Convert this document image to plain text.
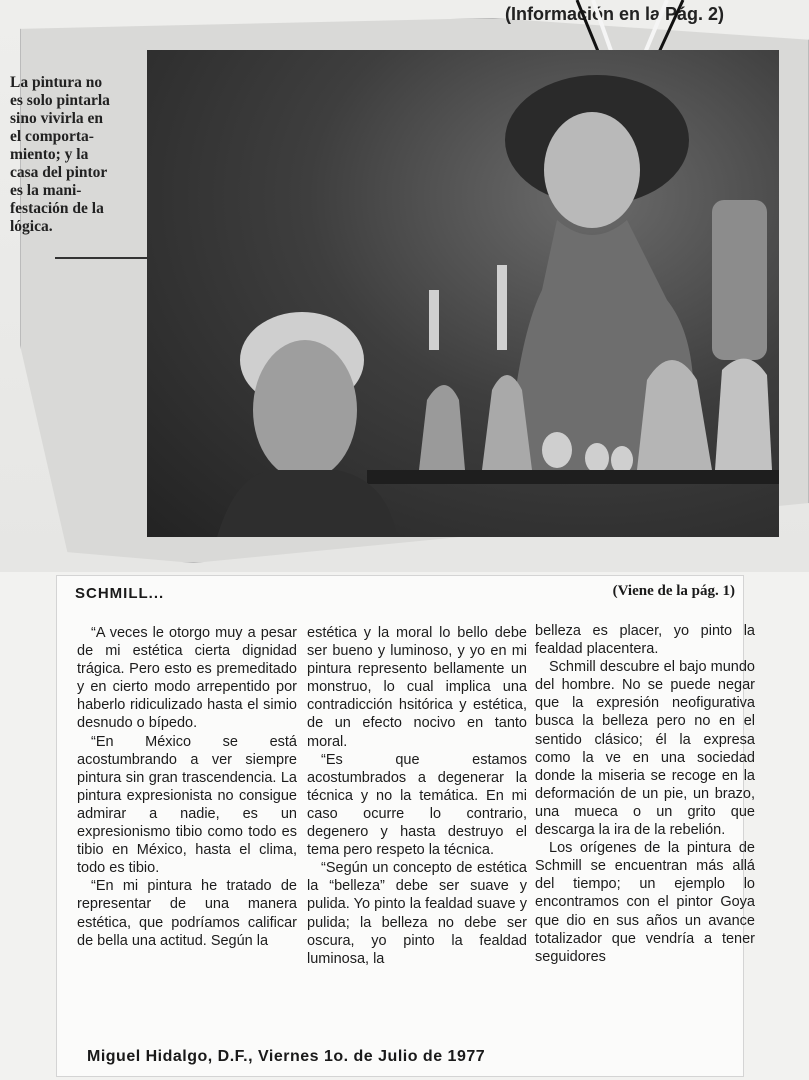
(Información en la Pág. 2)
La pintura no
es solo pintarla
sino vivirla en
el comporta-
miento; y la
casa del pintor
es la mani-
festación de la
lógica.
SCHMILL...	(Viene de la pág. 1)

“A veces le otorgo muy a pesar de mi estética cierta dignidad trágica. Pero esto es premeditado y en cierto modo arrepentido por haberlo ridiculizado hasta el simio desnudo o bípedo.

“En México se está acostumbrando a ver siempre pintura sin gran trascendencia. La pintura expresionista no consigue admirar a nadie, es un expresionismo tibio como todo es tibio en México, hasta el clima, todo es tibio.

“En mi pintura he tratado de representar de una manera estética, que podríamos calificar de bella una actitud. Según la

estética y la moral lo bello debe ser bueno y luminoso, y yo en mi pintura represento bellamente un monstruo, lo cual implica una contradicción hsitórica y estética, de un efecto nocivo en tanto moral.

“Es que estamos acostumbrados a degenerar la técnica y no la temática. En mi caso ocurre lo contrario, degenero y hasta destruyo el tema pero respeto la técnica.

“Según un concepto de estética la “belleza” debe ser suave y pulida. Yo pinto la fealdad suave y pulida; la belleza no debe ser oscura, yo pinto la fealdad luminosa, la

belleza es placer, yo pinto la fealdad placentera.

Schmill descubre el bajo mundo del hombre. No se puede negar que la expresión neofigurativa busca la belleza pero no en el sentido clásico; él la expresa como la ve en una sociedad donde la miseria se recoge en la deformación de un pie, un brazo, una mueca o un grito que descarga la ira de la rebelión.

Los orígenes de la pintura de Schmill se encuentran más allá del tiempo; un ejemplo lo encontramos con el pintor Goya que dio en sus años un avance totalizador que vendría a tener seguidores

Miguel Hidalgo, D.F., Viernes 1o. de Julio de 1977
